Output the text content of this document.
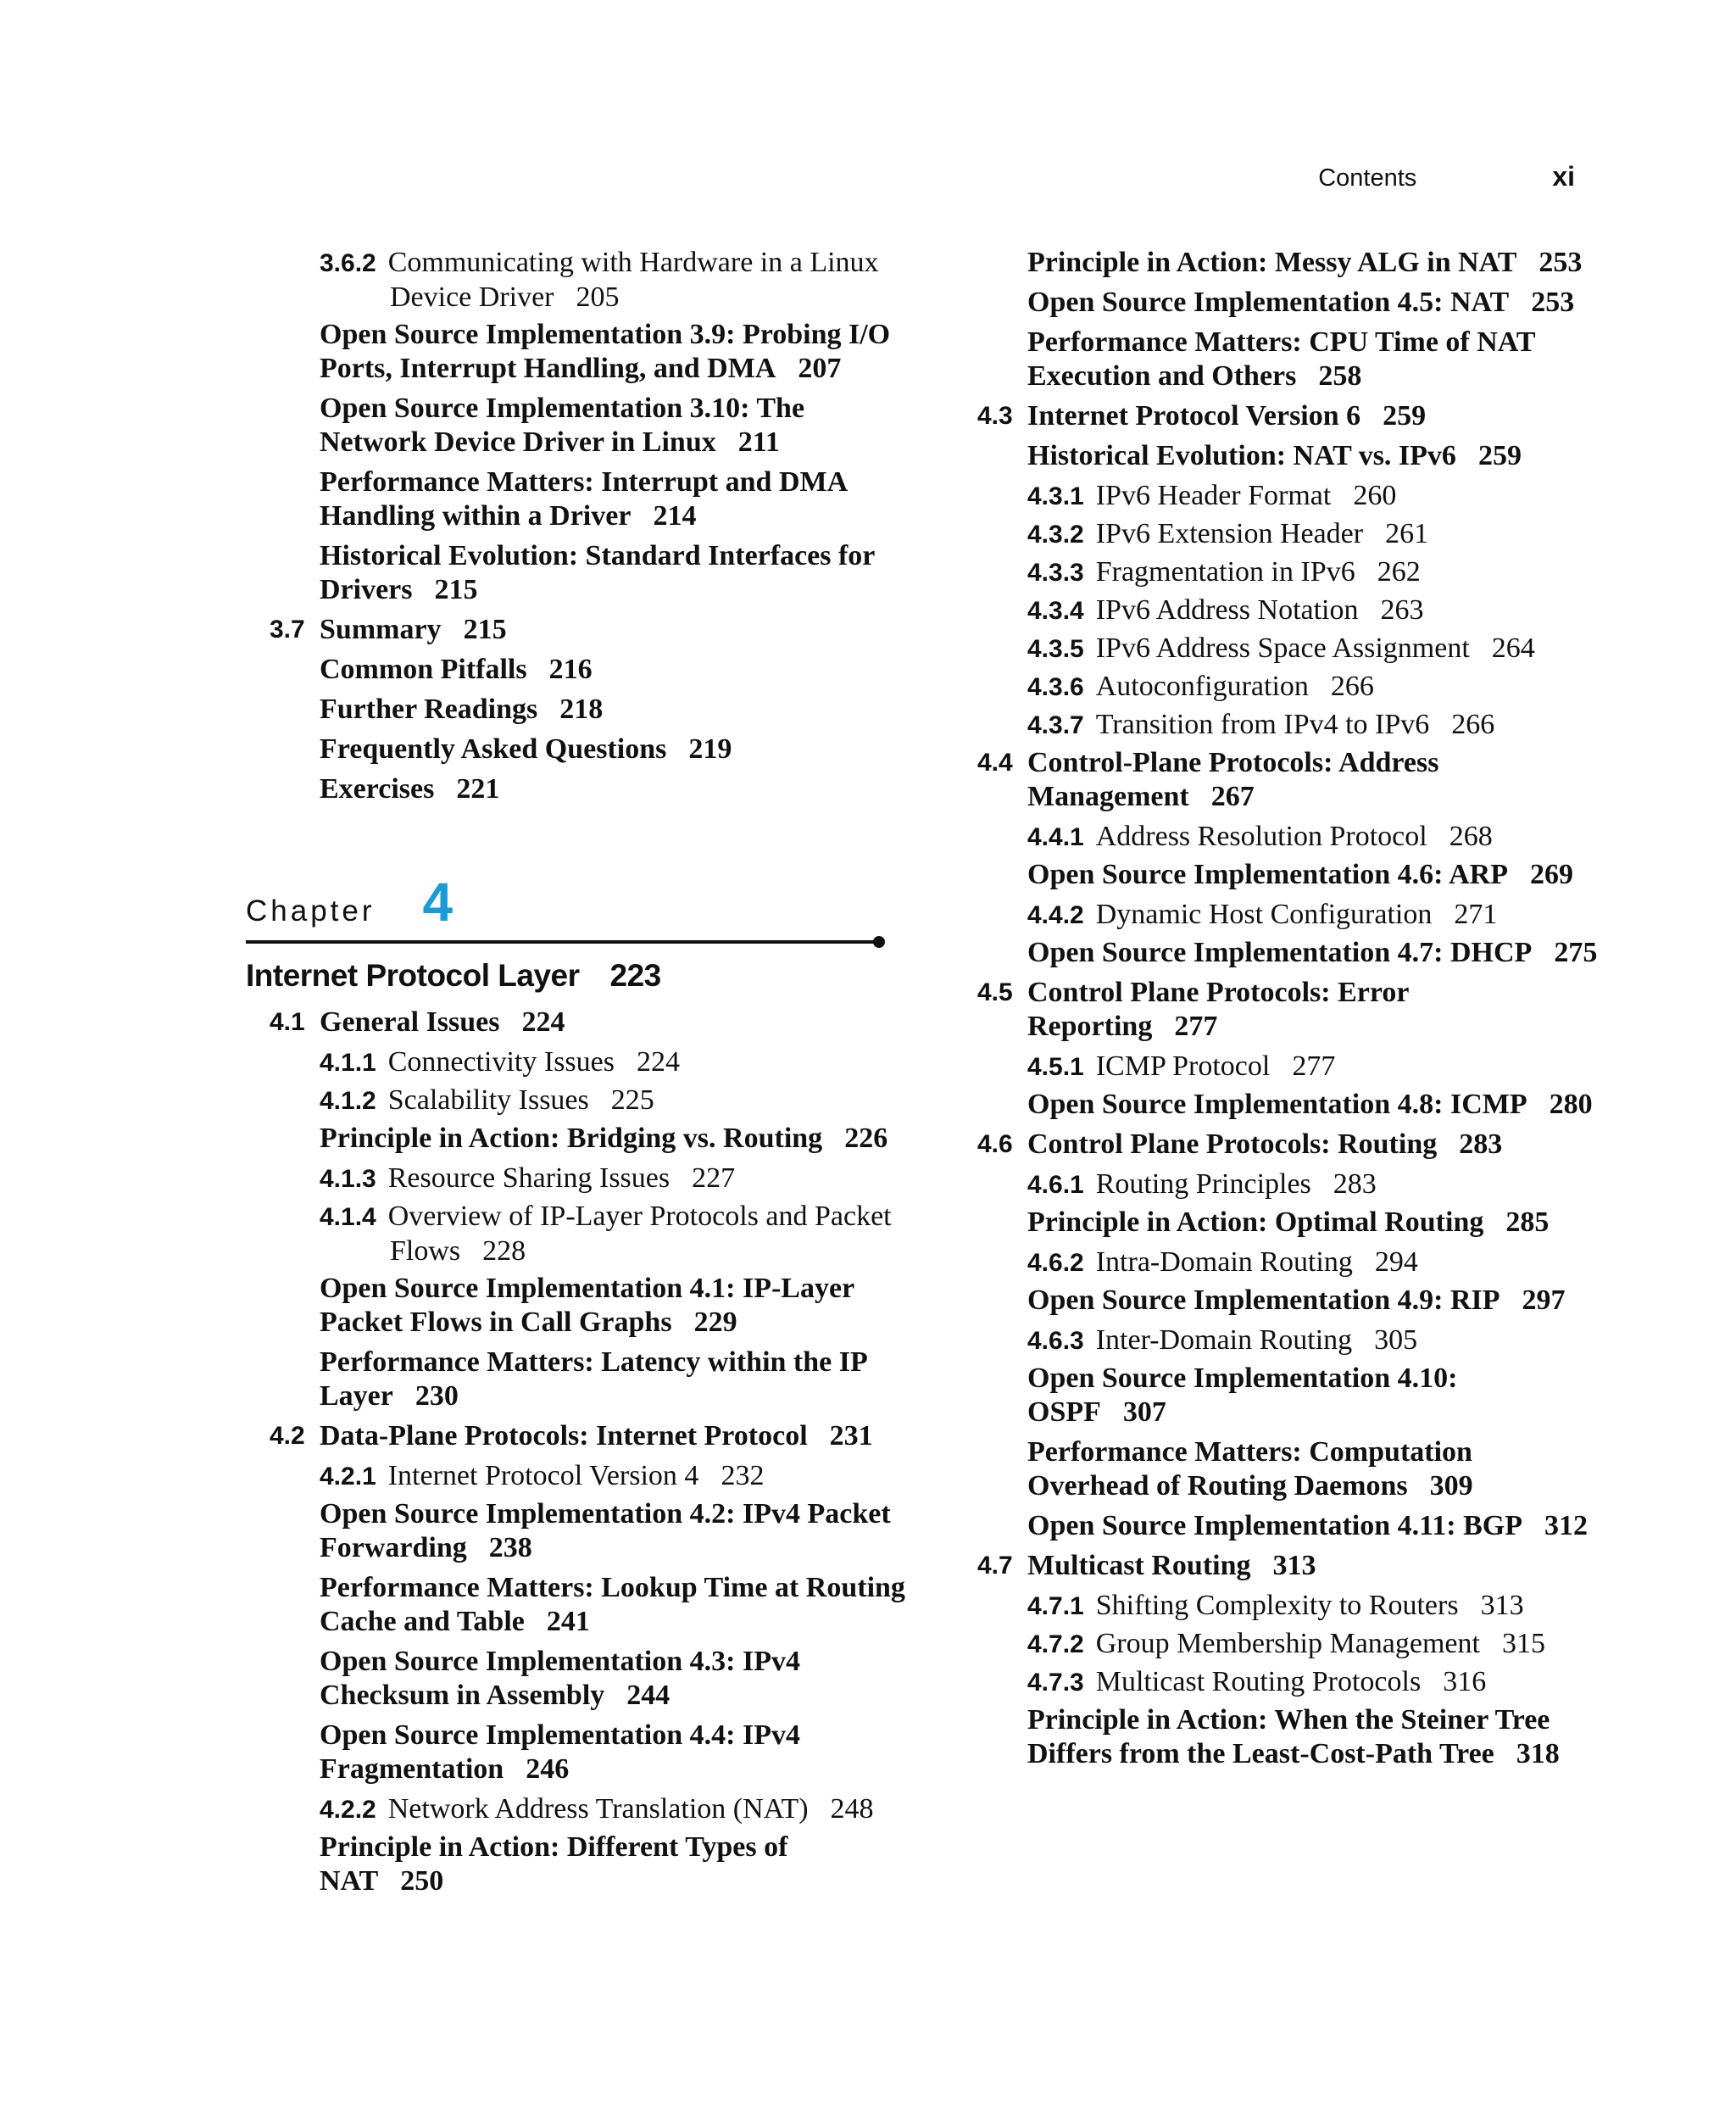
Contents	xi
3.6.2 Communicating with Hardware in a Linux Device Driver 205
Open Source Implementation 3.9: Probing I/O Ports, Interrupt Handling, and DMA 207
Open Source Implementation 3.10: The Network Device Driver in Linux 211
Performance Matters: Interrupt and DMA Handling within a Driver 214
Historical Evolution: Standard Interfaces for Drivers 215
3.7 Summary 215
Common Pitfalls 216
Further Readings 218
Frequently Asked Questions 219
Exercises 221
Chapter 4
Internet Protocol Layer 223
4.1 General Issues 224
4.1.1 Connectivity Issues 224
4.1.2 Scalability Issues 225
Principle in Action: Bridging vs. Routing 226
4.1.3 Resource Sharing Issues 227
4.1.4 Overview of IP-Layer Protocols and Packet Flows 228
Open Source Implementation 4.1: IP-Layer Packet Flows in Call Graphs 229
Performance Matters: Latency within the IP Layer 230
4.2 Data-Plane Protocols: Internet Protocol 231
4.2.1 Internet Protocol Version 4 232
Open Source Implementation 4.2: IPv4 Packet Forwarding 238
Performance Matters: Lookup Time at Routing Cache and Table 241
Open Source Implementation 4.3: IPv4 Checksum in Assembly 244
Open Source Implementation 4.4: IPv4 Fragmentation 246
4.2.2 Network Address Translation (NAT) 248
Principle in Action: Different Types of NAT 250
Principle in Action: Messy ALG in NAT 253
Open Source Implementation 4.5: NAT 253
Performance Matters: CPU Time of NAT Execution and Others 258
4.3 Internet Protocol Version 6 259
Historical Evolution: NAT vs. IPv6 259
4.3.1 IPv6 Header Format 260
4.3.2 IPv6 Extension Header 261
4.3.3 Fragmentation in IPv6 262
4.3.4 IPv6 Address Notation 263
4.3.5 IPv6 Address Space Assignment 264
4.3.6 Autoconfiguration 266
4.3.7 Transition from IPv4 to IPv6 266
4.4 Control-Plane Protocols: Address Management 267
4.4.1 Address Resolution Protocol 268
Open Source Implementation 4.6: ARP 269
4.4.2 Dynamic Host Configuration 271
Open Source Implementation 4.7: DHCP 275
4.5 Control Plane Protocols: Error Reporting 277
4.5.1 ICMP Protocol 277
Open Source Implementation 4.8: ICMP 280
4.6 Control Plane Protocols: Routing 283
4.6.1 Routing Principles 283
Principle in Action: Optimal Routing 285
4.6.2 Intra-Domain Routing 294
Open Source Implementation 4.9: RIP 297
4.6.3 Inter-Domain Routing 305
Open Source Implementation 4.10: OSPF 307
Performance Matters: Computation Overhead of Routing Daemons 309
Open Source Implementation 4.11: BGP 312
4.7 Multicast Routing 313
4.7.1 Shifting Complexity to Routers 313
4.7.2 Group Membership Management 315
4.7.3 Multicast Routing Protocols 316
Principle in Action: When the Steiner Tree Differs from the Least-Cost-Path Tree 318
